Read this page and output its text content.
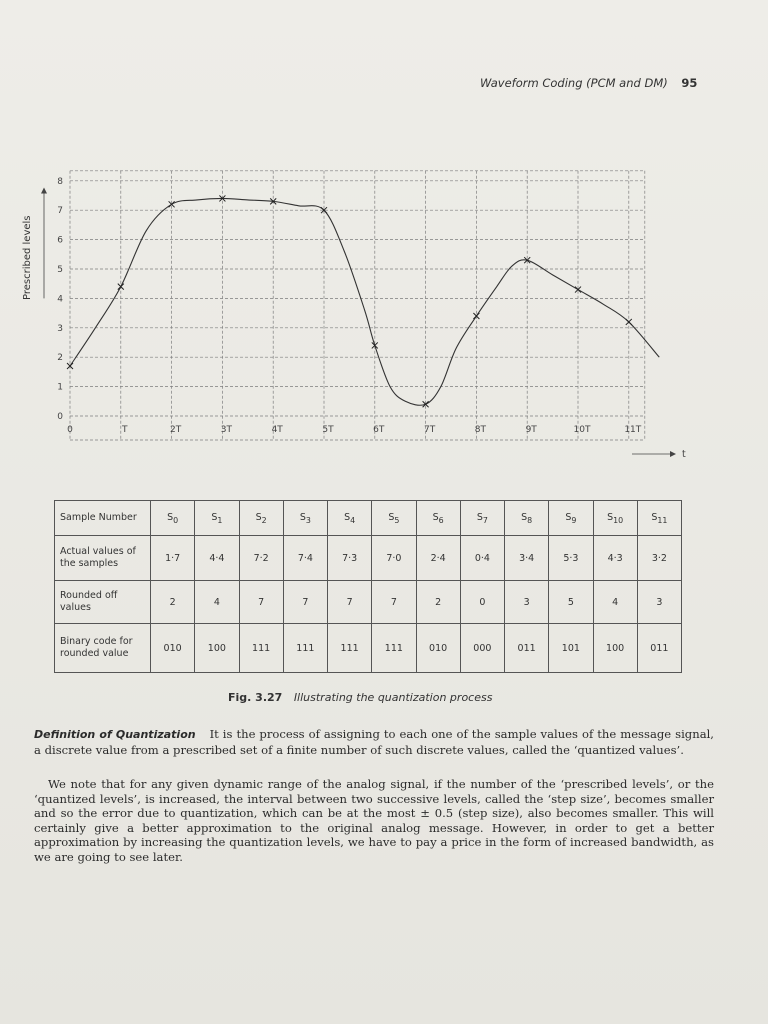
Waveform Coding (PCM and DM) 95
0
1
2
3
4
5
6
7
8
0	T	2T	3T	4T	5T	6T	7T	8T	9T	10T	11T
t
Prescribed levels
Sample Number	$S_0$	$S_1$	$S_2$	$S_3$	$S_4$	$S_5$	$S_6$	$S_7$	$S_8$	$S_9$	$S_{10}$	$S_{11}$
Actual values of the samples	1·7	4·4	7·2	7·4	7·3	7·0	2·4	0·4	3·4	5·3	4·3	3·2
Rounded off values	2	4	7	7	7	7	2	0	3	5	4	3
Binary code for rounded value	010	100	111	111	111	111	010	000	011	101	100	011
Fig. 3.27 Illustrating the quantization process

Definition of Quantization It is the process of assigning to each one of the sample values of the message signal, a discrete value from a prescribed set of a finite number of such discrete values, called the ‘quantized values’.

We note that for any given dynamic range of the analog signal, if the number of the ‘prescribed levels’, or the ‘quantized levels’, is increased, the interval between two successive levels, called the ‘step size’, becomes smaller and so the error due to quantization, which can be at the most ± 0.5 (step size), also becomes smaller. This will certainly give a better approximation to the original analog message. However, in order to get a better approximation by increasing the quantization levels, we have to pay a price in the form of increased bandwidth, as we are going to see later.
